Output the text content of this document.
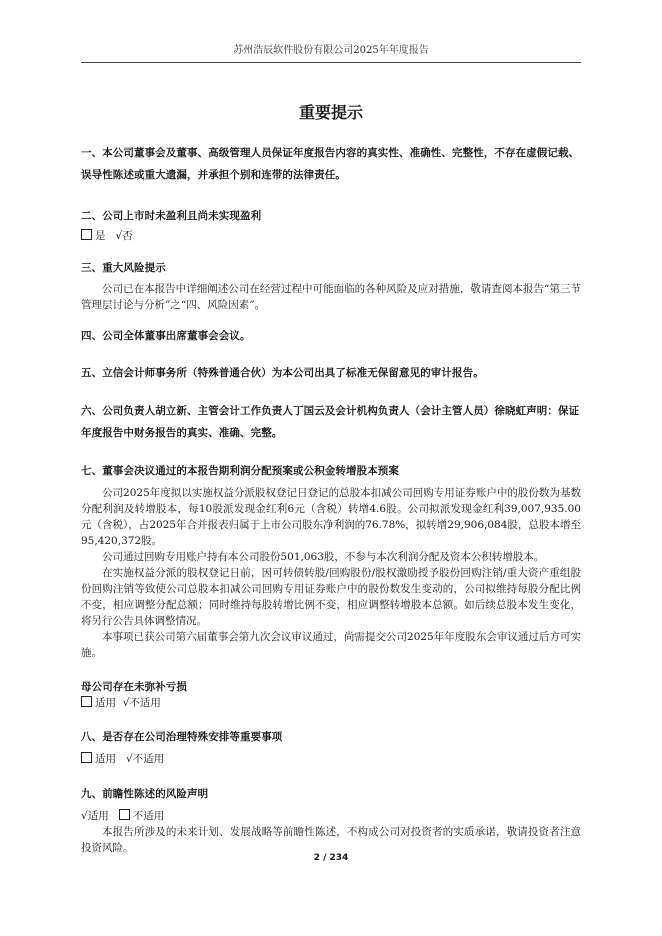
苏州浩辰软件股份有限公司2025年年度报告
重要提示
一、本公司董事会及董事、高级管理人员保证年度报告内容的真实性、准确性、完整性，不存在虚假记载、误导性陈述或重大遗漏，并承担个别和连带的法律责任。
二、公司上市时未盈利且尚未实现盈利
是 √否
三、重大风险提示
公司已在本报告中详细阐述公司在经营过程中可能面临的各种风险及应对措施，敬请查阅本报告“第三节 管理层讨论与分析”之“四、风险因素”。
四、公司全体董事出席董事会会议。
五、立信会计师事务所（特殊普通合伙）为本公司出具了标准无保留意见的审计报告。
六、公司负责人胡立新、主管会计工作负责人丁国云及会计机构负责人（会计主管人员）徐晓虹声明：保证年度报告中财务报告的真实、准确、完整。
七、董事会决议通过的本报告期利润分配预案或公积金转增股本预案
公司2025年度拟以实施权益分派股权登记日登记的总股本扣减公司回购专用证券账户中的股份数为基数分配利润及转增股本，每10股派发现金红利6元（含税）转增4.6股。公司拟派发现金红利39,007,935.00元（含税），占2025年合并报表归属于上市公司股东净利润的76.78%，拟转增29,906,084股，总股本增至95,420,372股。
公司通过回购专用账户持有本公司股份501,063股，不参与本次利润分配及资本公积转增股本。
在实施权益分派的股权登记日前，因可转债转股/回购股份/股权激励授予股份回购注销/重大资产重组股份回购注销等致使公司总股本扣减公司回购专用证券账户中的股份数发生变动的，公司拟维持每股分配比例不变，相应调整分配总额；同时维持每股转增比例不变，相应调整转增股本总额。如后续总股本发生变化，将另行公告具体调整情况。
本事项已获公司第六届董事会第九次会议审议通过，尚需提交公司2025年年度股东会审议通过后方可实施。
母公司存在未弥补亏损
适用 √不适用
八、是否存在公司治理特殊安排等重要事项
适用 √不适用
九、前瞻性陈述的风险声明
√适用 不适用
本报告所涉及的未来计划、发展战略等前瞻性陈述，不构成公司对投资者的实质承诺，敬请投资者注意投资风险。
2 / 234
